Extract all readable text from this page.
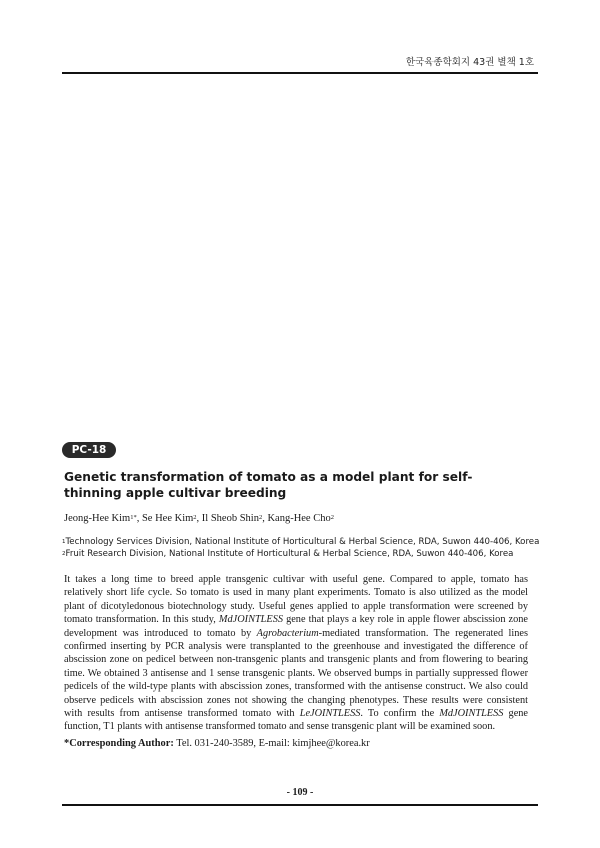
한국육종학회지 43권 별책 1호
PC-18
Genetic transformation of tomato as a model plant for self-thinning apple cultivar breeding
Jeong-Hee Kim$^{1*}$, Se Hee Kim$^2$, Il Sheob Shin$^2$, Kang-Hee Cho$^2$
$^1$Technology Services Division, National Institute of Horticultural & Herbal Science, RDA, Suwon 440-406, Korea
$^2$Fruit Research Division, National Institute of Horticultural & Herbal Science, RDA, Suwon 440-406, Korea

It takes a long time to breed apple transgenic cultivar with useful gene. Compared to apple, tomato has relatively short life cycle. So tomato is used in many plant experiments. Tomato is also utilized as the model plant of dicotyledonous biotechnology study. Useful genes applied to apple transformation were screened by tomato transformation. In this study, MdJOINTLESS gene that plays a key role in apple flower abscission zone development was introduced to tomato by Agrobacterium-mediated transformation. The regenerated lines confirmed inserting by PCR analysis were transplanted to the greenhouse and investigated the difference of abscission zone on pedicel between non-transgenic plants and transgenic plants and from flowering to bearing time. We obtained 3 antisense and 1 sense transgenic plants. We observed bumps in partially suppressed flower pedicels of the wild-type plants with abscission zones, transformed with the antisense construct. We also could observe pedicels with abscission zones not showing the changing phenotypes. These results were consistent with results from antisense transformed tomato with LeJOINTLESS. To confirm the MdJOINTLESS gene function, T1 plants with antisense transformed tomato and sense transgenic plant will be examined soon.

*Corresponding Author: Tel. 031-240-3589, E-mail: kimjhee@korea.kr
- 109 -
